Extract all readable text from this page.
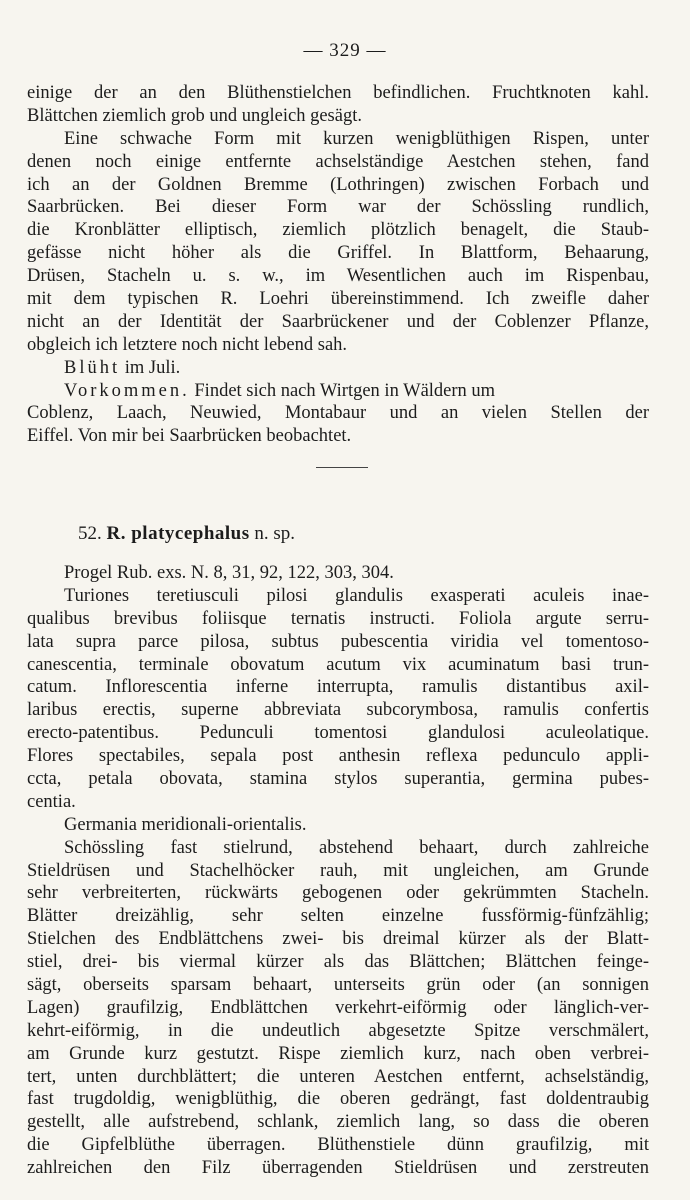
— 329 —
einige der an den Blüthenstielchen befindlichen. Fruchtknoten kahl.
Blättchen ziemlich grob und ungleich gesägt.
Eine schwache Form mit kurzen wenigblüthigen Rispen, unter
denen noch einige entfernte achselständige Aestchen stehen, fand
ich an der Goldnen Bremme (Lothringen) zwischen Forbach und
Saarbrücken. Bei dieser Form war der Schössling rundlich,
die Kronblätter elliptisch, ziemlich plötzlich benagelt, die Staub-
gefässe nicht höher als die Griffel. In Blattform, Behaarung,
Drüsen, Stacheln u. s. w., im Wesentlichen auch im Rispenbau,
mit dem typischen R. Loehri übereinstimmend. Ich zweifle daher
nicht an der Identität der Saarbrückener und der Coblenzer Pflanze,
obgleich ich letztere noch nicht lebend sah.
Blüht im Juli.
Vorkommen. Findet sich nach Wirtgen in Wäldern um
Coblenz, Laach, Neuwied, Montabaur und an vielen Stellen der
Eiffel. Von mir bei Saarbrücken beobachtet.
52. R. platycephalus n. sp.
Progel Rub. exs. N. 8, 31, 92, 122, 303, 304.
Turiones teretiusculi pilosi glandulis exasperati aculeis inae-
qualibus brevibus foliisque ternatis instructi. Foliola argute serru-
lata supra parce pilosa, subtus pubescentia viridia vel tomentoso-
canescentia, terminale obovatum acutum vix acuminatum basi trun-
catum. Inflorescentia inferne interrupta, ramulis distantibus axil-
laribus erectis, superne abbreviata subcorymbosa, ramulis confertis
erecto-patentibus. Pedunculi tomentosi glandulosi aculeolatique.
Flores spectabiles, sepala post anthesin reflexa pedunculo appli-
ccta, petala obovata, stamina stylos superantia, germina pubes-
centia.
Germania meridionali-orientalis.
Schössling fast stielrund, abstehend behaart, durch zahlreiche
Stieldrüsen und Stachelhöcker rauh, mit ungleichen, am Grunde
sehr verbreiterten, rückwärts gebogenen oder gekrümmten Stacheln.
Blätter dreizählig, sehr selten einzelne fussförmig-fünfzählig;
Stielchen des Endblättchens zwei- bis dreimal kürzer als der Blatt-
stiel, drei- bis viermal kürzer als das Blättchen; Blättchen feinge-
sägt, oberseits sparsam behaart, unterseits grün oder (an sonnigen
Lagen) graufilzig, Endblättchen verkehrt-eiförmig oder länglich-ver-
kehrt-eiförmig, in die undeutlich abgesetzte Spitze verschmälert,
am Grunde kurz gestutzt. Rispe ziemlich kurz, nach oben verbrei-
tert, unten durchblättert; die unteren Aestchen entfernt, achselständig,
fast trugdoldig, wenigblüthig, die oberen gedrängt, fast doldentraubig
gestellt, alle aufstrebend, schlank, ziemlich lang, so dass die oberen
die Gipfelblüthe überragen. Blüthenstiele dünn graufilzig, mit
zahlreichen den Filz überragenden Stieldrüsen und zerstreuten
